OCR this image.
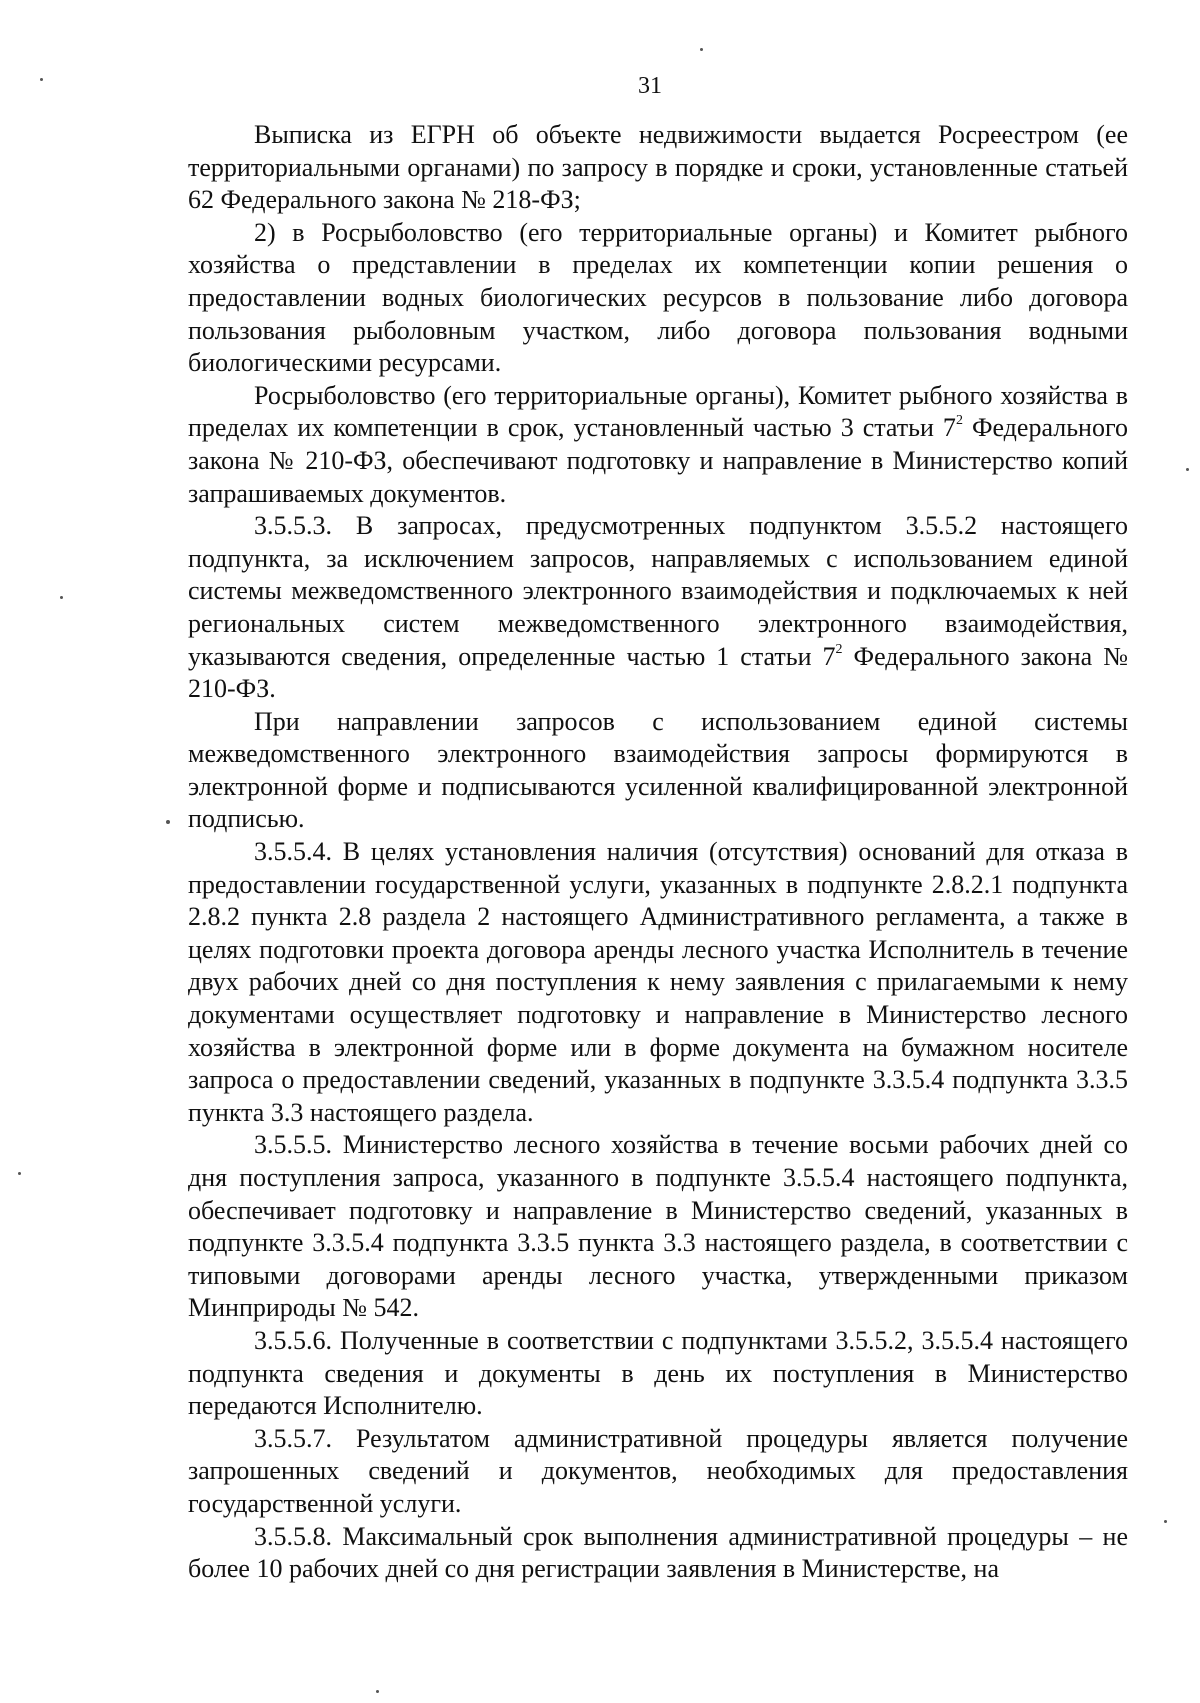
31

Выписка из ЕГРН об объекте недвижимости выдается Росреестром (ее территориальными органами) по запросу в порядке и сроки, установленные статьей 62 Федерального закона № 218-ФЗ;

2) в Росрыболовство (его территориальные органы) и Комитет рыбного хозяйства о представлении в пределах их компетенции копии решения о предоставлении водных биологических ресурсов в пользование либо договора пользования рыболовным участком, либо договора пользования водными биологическими ресурсами.

Росрыболовство (его территориальные органы), Комитет рыбного хозяйства в пределах их компетенции в срок, установленный частью 3 статьи $7^2$ Федерального закона № 210-ФЗ, обеспечивают подготовку и направление в Министерство копий запрашиваемых документов.

3.5.5.3. В запросах, предусмотренных подпунктом 3.5.5.2 настоящего подпункта, за исключением запросов, направляемых с использованием единой системы межведомственного электронного взаимодействия и подключаемых к ней региональных систем межведомственного электронного взаимодействия, указываются сведения, определенные частью 1 статьи $7^2$ Федерального закона № 210-ФЗ.

При направлении запросов с использованием единой системы межведомственного электронного взаимодействия запросы формируются в электронной форме и подписываются усиленной квалифицированной электронной подписью.

3.5.5.4. В целях установления наличия (отсутствия) оснований для отказа в предоставлении государственной услуги, указанных в подпункте 2.8.2.1 подпункта 2.8.2 пункта 2.8 раздела 2 настоящего Административного регламента, а также в целях подготовки проекта договора аренды лесного участка Исполнитель в течение двух рабочих дней со дня поступления к нему заявления с прилагаемыми к нему документами осуществляет подготовку и направление в Министерство лесного хозяйства в электронной форме или в форме документа на бумажном носителе запроса о предоставлении сведений, указанных в подпункте 3.3.5.4 подпункта 3.3.5 пункта 3.3 настоящего раздела.

3.5.5.5. Министерство лесного хозяйства в течение восьми рабочих дней со дня поступления запроса, указанного в подпункте 3.5.5.4 настоящего подпункта, обеспечивает подготовку и направление в Министерство сведений, указанных в подпункте 3.3.5.4 подпункта 3.3.5 пункта 3.3 настоящего раздела, в соответствии с типовыми договорами аренды лесного участка, утвержденными приказом Минприроды № 542.

3.5.5.6. Полученные в соответствии с подпунктами 3.5.5.2, 3.5.5.4 настоящего подпункта сведения и документы в день их поступления в Министерство передаются Исполнителю.

3.5.5.7. Результатом административной процедуры является получение запрошенных сведений и документов, необходимых для предоставления государственной услуги.

3.5.5.8. Максимальный срок выполнения административной процедуры – не более 10 рабочих дней со дня регистрации заявления в Министерстве, на
